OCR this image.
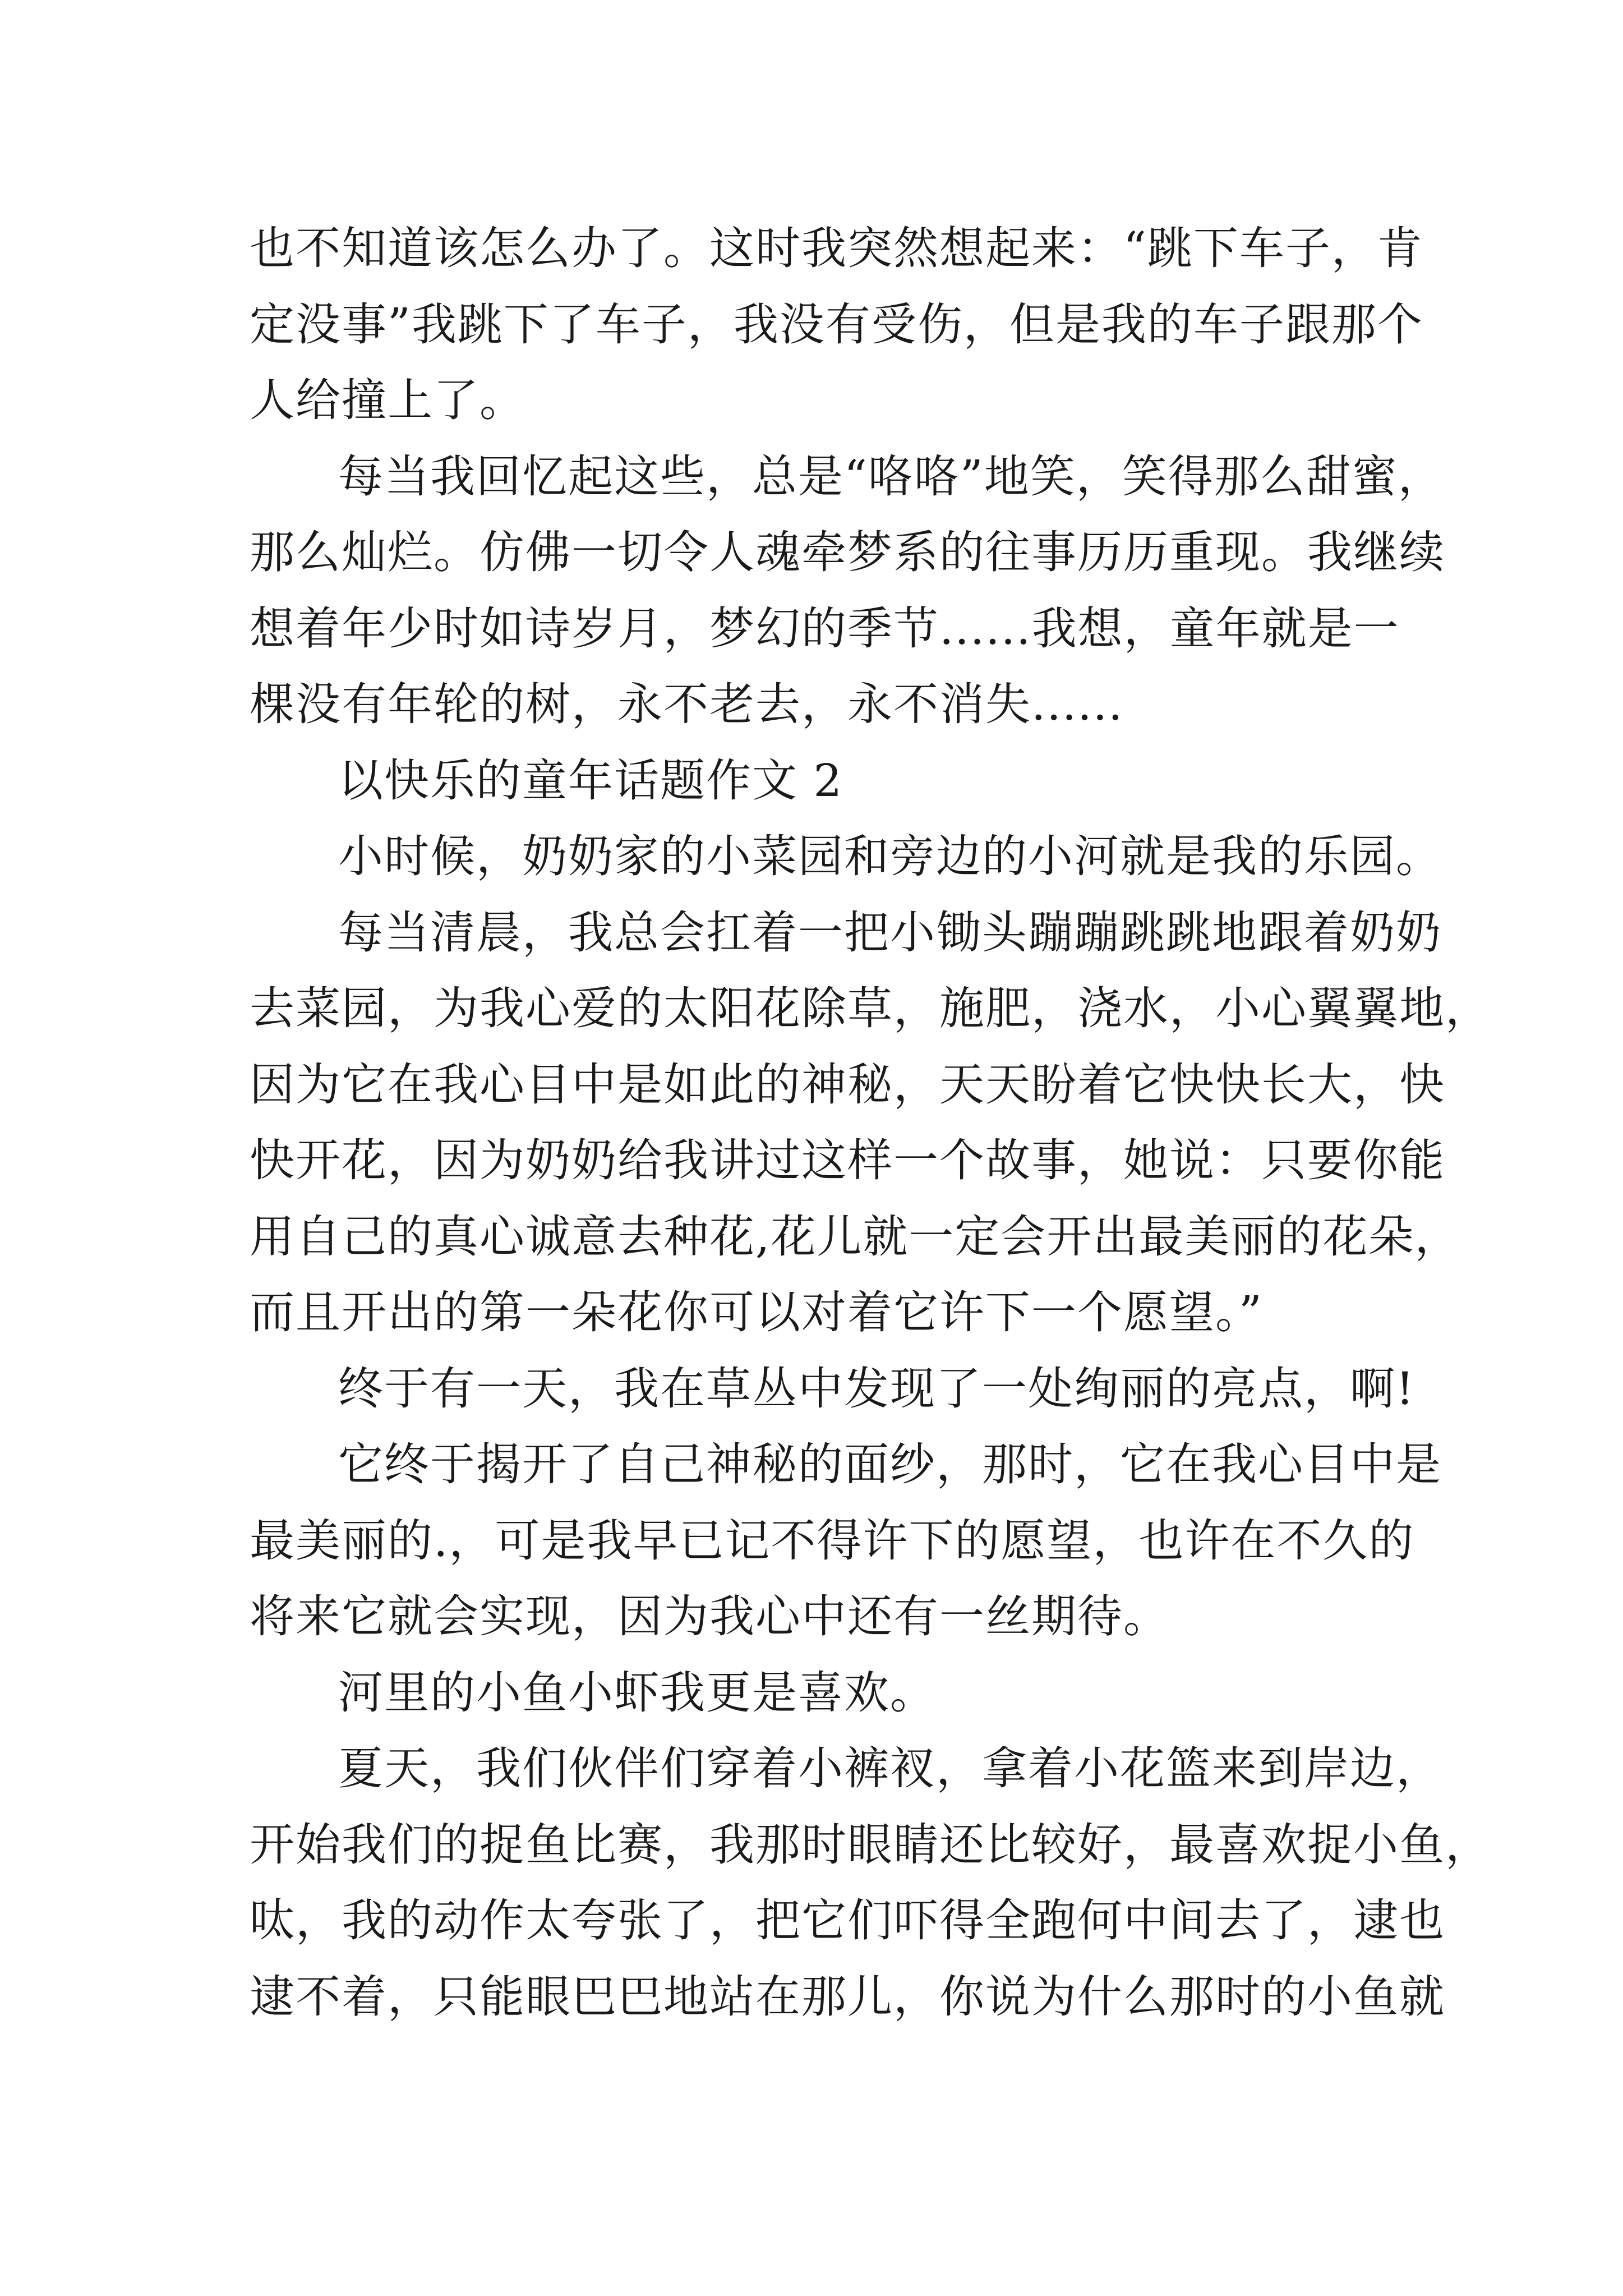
也不知道该怎么办了。这时我突然想起来：“跳下车子，肯
定没事”我跳下了车子，我没有受伤，但是我的车子跟那个
人给撞上了。
每当我回忆起这些，总是“咯咯”地笑，笑得那么甜蜜，
那么灿烂。仿佛一切令人魂牵梦系的往事历历重现。我继续
想着年少时如诗岁月，梦幻的季节......我想，童年就是一
棵没有年轮的树，永不老去，永不消失......
以快乐的童年话题作文 2
小时候，奶奶家的小菜园和旁边的小河就是我的乐园。
每当清晨，我总会扛着一把小锄头蹦蹦跳跳地跟着奶奶
去菜园，为我心爱的太阳花除草，施肥，浇水，小心翼翼地，
因为它在我心目中是如此的神秘，天天盼着它快快长大，快
快开花，因为奶奶给我讲过这样一个故事，她说：只要你能
用自己的真心诚意去种花,花儿就一定会开出最美丽的花朵，
而且开出的第一朵花你可以对着它许下一个愿望。”
终于有一天，我在草丛中发现了一处绚丽的亮点，啊!
它终于揭开了自己神秘的面纱，那时，它在我心目中是
最美丽的.，可是我早已记不得许下的愿望，也许在不久的
将来它就会实现，因为我心中还有一丝期待。
河里的小鱼小虾我更是喜欢。
夏天，我们伙伴们穿着小裤衩，拿着小花篮来到岸边，
开始我们的捉鱼比赛，我那时眼睛还比较好，最喜欢捉小鱼，
呔，我的动作太夸张了，把它们吓得全跑何中间去了，逮也
逮不着，只能眼巴巴地站在那儿，你说为什么那时的小鱼就
